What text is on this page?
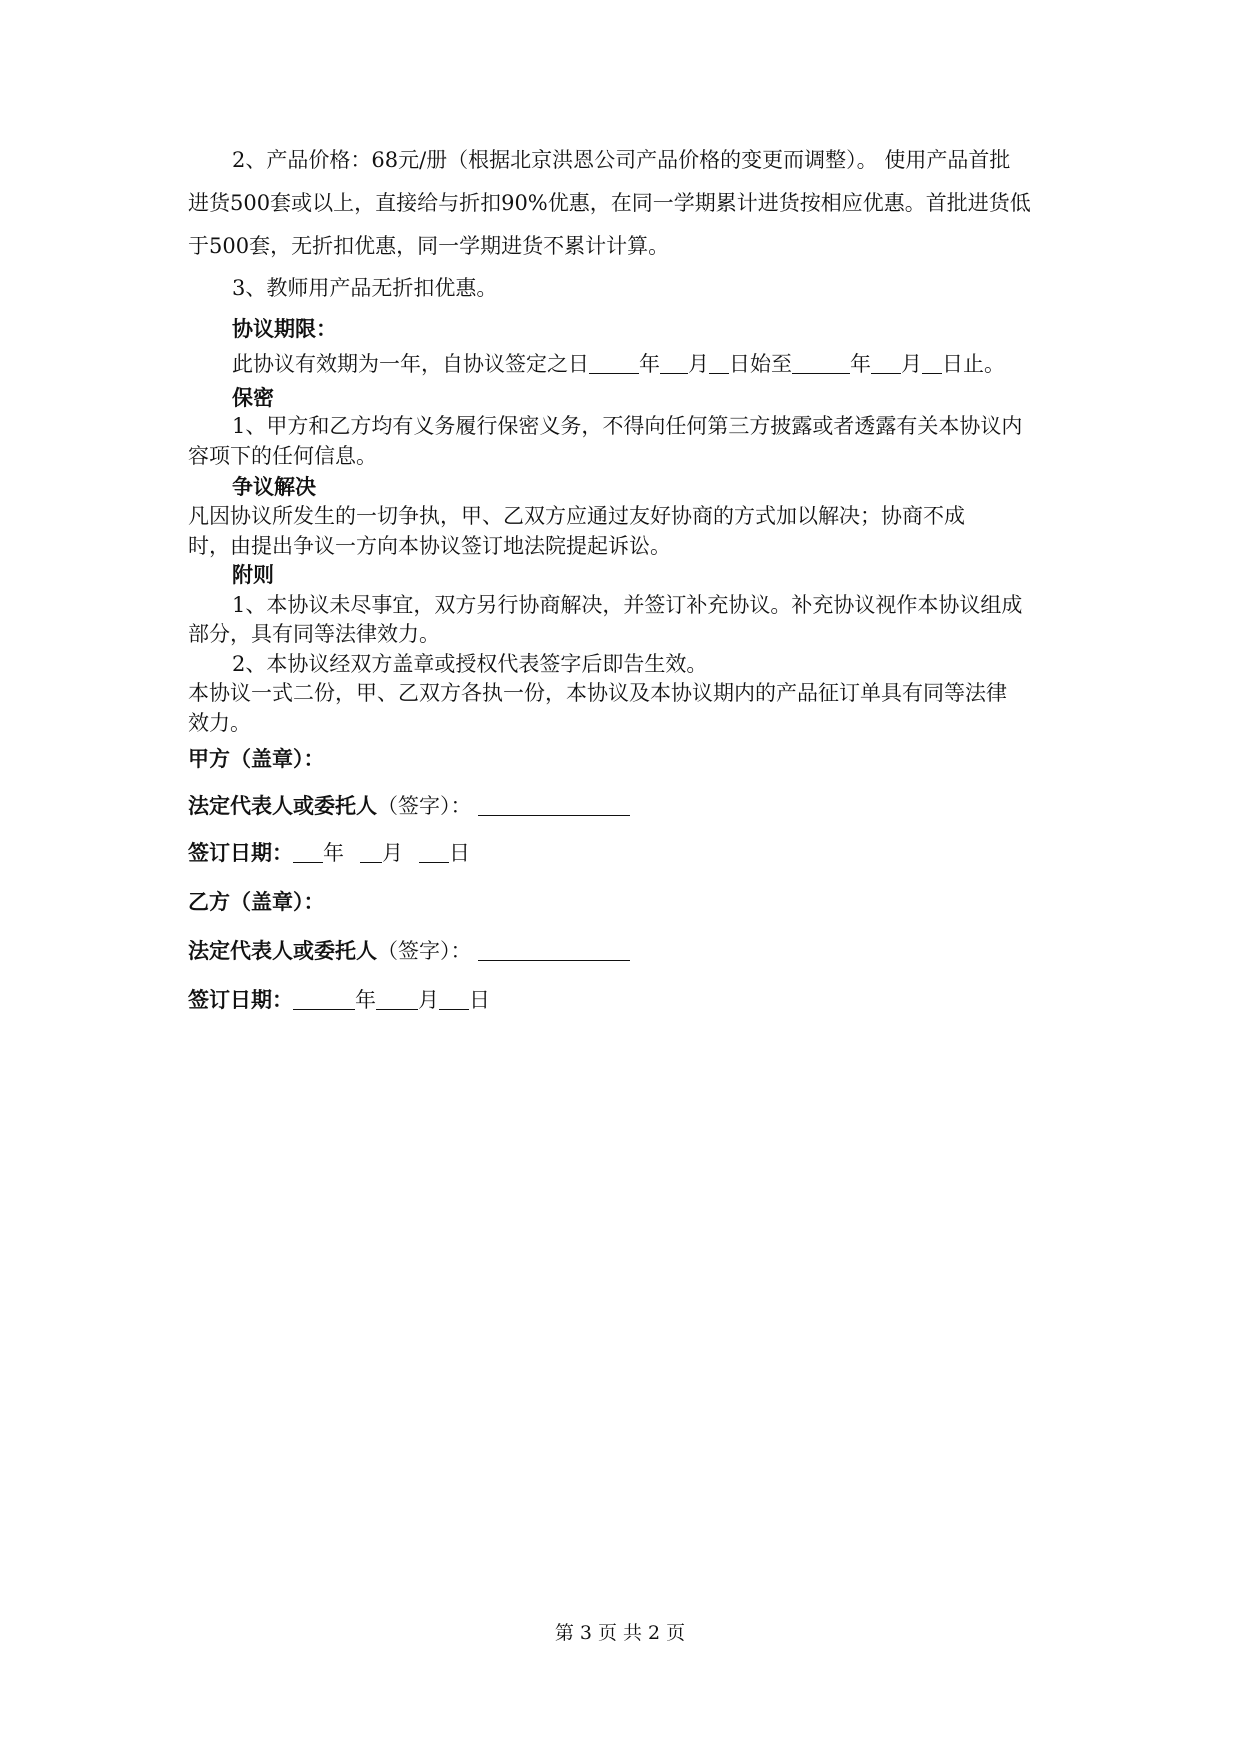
2、产品价格：68元/册（根据北京洪恩公司产品价格的变更而调整）。 使用产品首批
进货500套或以上，直接给与折扣90%优惠，在同一学期累计进货按相应优惠。首批进货低
于500套，无折扣优惠，同一学期进货不累计计算。
3、教师用产品无折扣优惠。
协议期限：
此协议有效期为一年，自协议签定之日 年 月 日始至	年 月 日止。
保密
1、甲方和乙方均有义务履行保密义务，不得向任何第三方披露或者透露有关本协议内
容项下的任何信息。
争议解决
凡因协议所发生的一切争执，甲、乙双方应通过友好协商的方式加以解决；协商不成
时，由提出争议一方向本协议签订地法院提起诉讼。
附则
1、本协议未尽事宜，双方另行协商解决，并签订补充协议。补充协议视作本协议组成
部分，具有同等法律效力。
2、本协议经双方盖章或授权代表签字后即告生效。
本协议一式二份，甲、乙双方各执一份，本协议及本协议期内的产品征订单具有同等法律
效力。
甲方（盖章）：
法定代表人或委托人（签字）：
签订日期： 年 月 日
乙方（盖章）：
法定代表人或委托人（签字）：
签订日期：	年 月 日
第 3 页 共 2 页
